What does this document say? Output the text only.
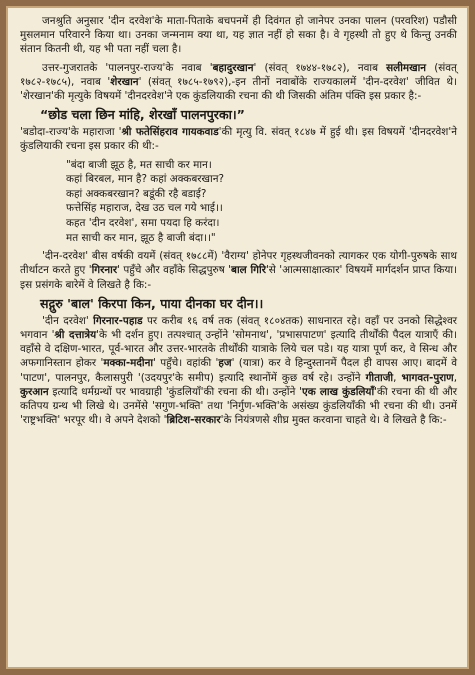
जनश्रुति अनुसार 'दीन दरवेश'के माता-पिताके बचपनमें ही दिवंगत हो जानेपर उनका पालन (परवरिश) पडौसी मुसलमान परिवारने किया था। उनका जन्मनाम क्या था, यह ज्ञात नहीं हो सका है। वे गृहस्थी तो हुए थे किन्तु उनकी संतान कितनी थी, यह भी पता नहीं चला है।

उत्तर-गुजरातके 'पालनपुर-राज्य'के नवाब 'बहादुरखान' (संवत् १७४४-१७८२), नवाब सलीमखान (संवत् १७८२-१७८५), नवाब 'शेरखान' (संवत् १७८५-१७९२),-इन तीनों नवाबोंके राज्यकालमें 'दीन-दरवेश' जीवित थे। 'शेरखान'की मृत्युके विषयमें 'दीनदरवेश'ने एक कुंडलियाकी रचना की थी जिसकी अंतिम पंक्ति इस प्रकार है:-

“छोड चला छिन मांहि, शेरखाँ पालनपुरका।”

'बडोदा-राज्य'के महाराजा 'श्री फतेसिंहराव गायकवाड'की मृत्यु वि. संवत् १८४७ में हुई थी। इस विषयमें 'दीनदरवेश'ने कुंडलियाकी रचना इस प्रकार की थी:-

"बंदा बाजी झूठ है, मत साची कर मान।
कहां बिरबल, मान है? कहां अक्कबरखान?
कहां अक्कबरखान? बडूंकी रहै बडाई?
फत्तेसिंह महाराज, देख उठ चल गये भाई।।
कहत 'दीन दरवेश', समा पयदा हि करंदा।
मत साची कर मान, झूठ है बाजी बंदा।।"

'दीन-दरवेश' बीस वर्षकी वयमें (संवत् १७८८में) 'वैराग्य' होनेपर गृहस्थजीवनको त्यागकर एक योगी-पुरुषके साथ तीर्थाटन करते हुए 'गिरनार' पहुँचे और वहाँके सिद्धपुरुष 'बाल गिरि'से 'आत्मसाक्षात्कार' विषयमें मार्गदर्शन प्राप्त किया। इस प्रसंगके बारेमें वे लिखते है कि:-

सद्गुरु 'बाल' किरपा किन, पाया दीनका घर दीन।।

'दीन दरवेश' गिरनार-पहाड पर करीब १६ वर्ष तक (संवत् १८०४तक) साधनारत रहे। वहाँ पर उनको सिद्धेश्वर भगवान 'श्री दत्तात्रेय'के भी दर्शन हुए। तत्पश्चात् उन्होंने 'सोमनाथ', 'प्रभासपाटण' इत्यादि तीर्थोंकी पैदल यात्राएँ की। वहाँसे वे दक्षिण-भारत, पूर्व-भारत और उत्तर-भारतके तीर्थोंकी यात्राके लिये चल पडे। यह यात्रा पूर्ण कर, वे सिन्ध और अफगानिस्तान होकर 'मक्का-मदीना' पहुँचे। वहांकी 'हज' (यात्रा) कर वे हिन्दुस्तानमें पैदल ही वापस आए। बादमें वे 'पाटण', पालनपुर, कैलासपुरी '(उदयपुर'के समीप) इत्यादि स्थानोंमें कुछ वर्ष रहे। उन्होंने गीताजी, भागवत-पुराण, कुरआन इत्यादि धर्मग्रन्थों पर भावग्राही 'कुंडलियाँ'की रचना की थी। उन्होंने 'एक लाख कुंडलियाँ'की रचना की थी और कतिपय ग्रन्थ भी लिखे थे। उनमेंसे 'सगुण-भक्ति' तथा 'निर्गुण-भक्ति'के असंख्य कुंडलियाँकी भी रचना की थी। उनमें 'राष्ट्रभक्ति' भरपूर थी। वे अपने देशको 'ब्रिटिश-सरकार'के नियंत्रणसे शीघ्र मुक्त करवाना चाहते थे। वे लिखते है कि:-
